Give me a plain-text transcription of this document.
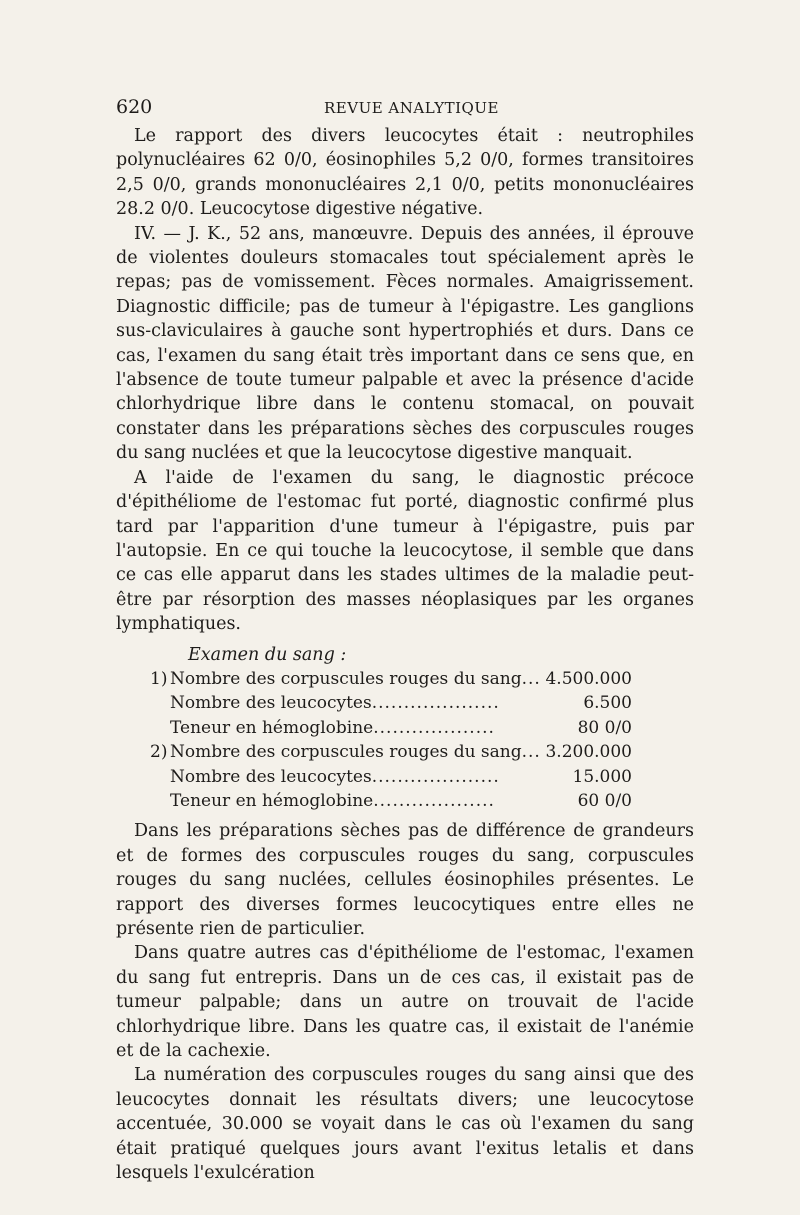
620	REVUE ANALYTIQUE

Le rapport des divers leucocytes était : neutrophiles polynucléaires 62 0/0, éosinophiles 5,2 0/0, formes transitoires 2,5 0/0, grands mononucléaires 2,1 0/0, petits mononucléaires 28.2 0/0. Leucocytose digestive négative.

IV. — J. K., 52 ans, manœuvre. Depuis des années, il éprouve de violentes douleurs stomacales tout spécialement après le repas; pas de vomissement. Fèces normales. Amaigrissement. Diagnostic difficile; pas de tumeur à l'épigastre. Les ganglions sus-claviculaires à gauche sont hypertrophiés et durs. Dans ce cas, l'examen du sang était très important dans ce sens que, en l'absence de toute tumeur palpable et avec la présence d'acide chlorhydrique libre dans le contenu stomacal, on pouvait constater dans les préparations sèches des corpuscules rouges du sang nuclées et que la leucocytose digestive manquait.

A l'aide de l'examen du sang, le diagnostic précoce d'épithéliome de l'estomac fut porté, diagnostic confirmé plus tard par l'apparition d'une tumeur à l'épigastre, puis par l'autopsie. En ce qui touche la leucocytose, il semble que dans ce cas elle apparut dans les stades ultimes de la maladie peut-être par résorption des masses néoplasiques par les organes lymphatiques.

Examen du sang :
1) Nombre des corpuscules rouges du sang... 4.500.000
Nombre des leucocytes....................	6.500
Teneur en hémoglobine...................	80 0/0
2) Nombre des corpuscules rouges du sang... 3.200.000
Nombre des leucocytes....................	15.000
Teneur en hémoglobine...................	60 0/0

Dans les préparations sèches pas de différence de grandeurs et de formes des corpuscules rouges du sang, corpuscules rouges du sang nuclées, cellules éosinophiles présentes. Le rapport des diverses formes leucocytiques entre elles ne présente rien de particulier.

Dans quatre autres cas d'épithéliome de l'estomac, l'examen du sang fut entrepris. Dans un de ces cas, il existait pas de tumeur palpable; dans un autre on trouvait de l'acide chlorhydrique libre. Dans les quatre cas, il existait de l'anémie et de la cachexie.

La numération des corpuscules rouges du sang ainsi que des leucocytes donnait les résultats divers; une leucocytose accentuée, 30.000 se voyait dans le cas où l'examen du sang était pratiqué quelques jours avant l'exitus letalis et dans lesquels l'exulcération
